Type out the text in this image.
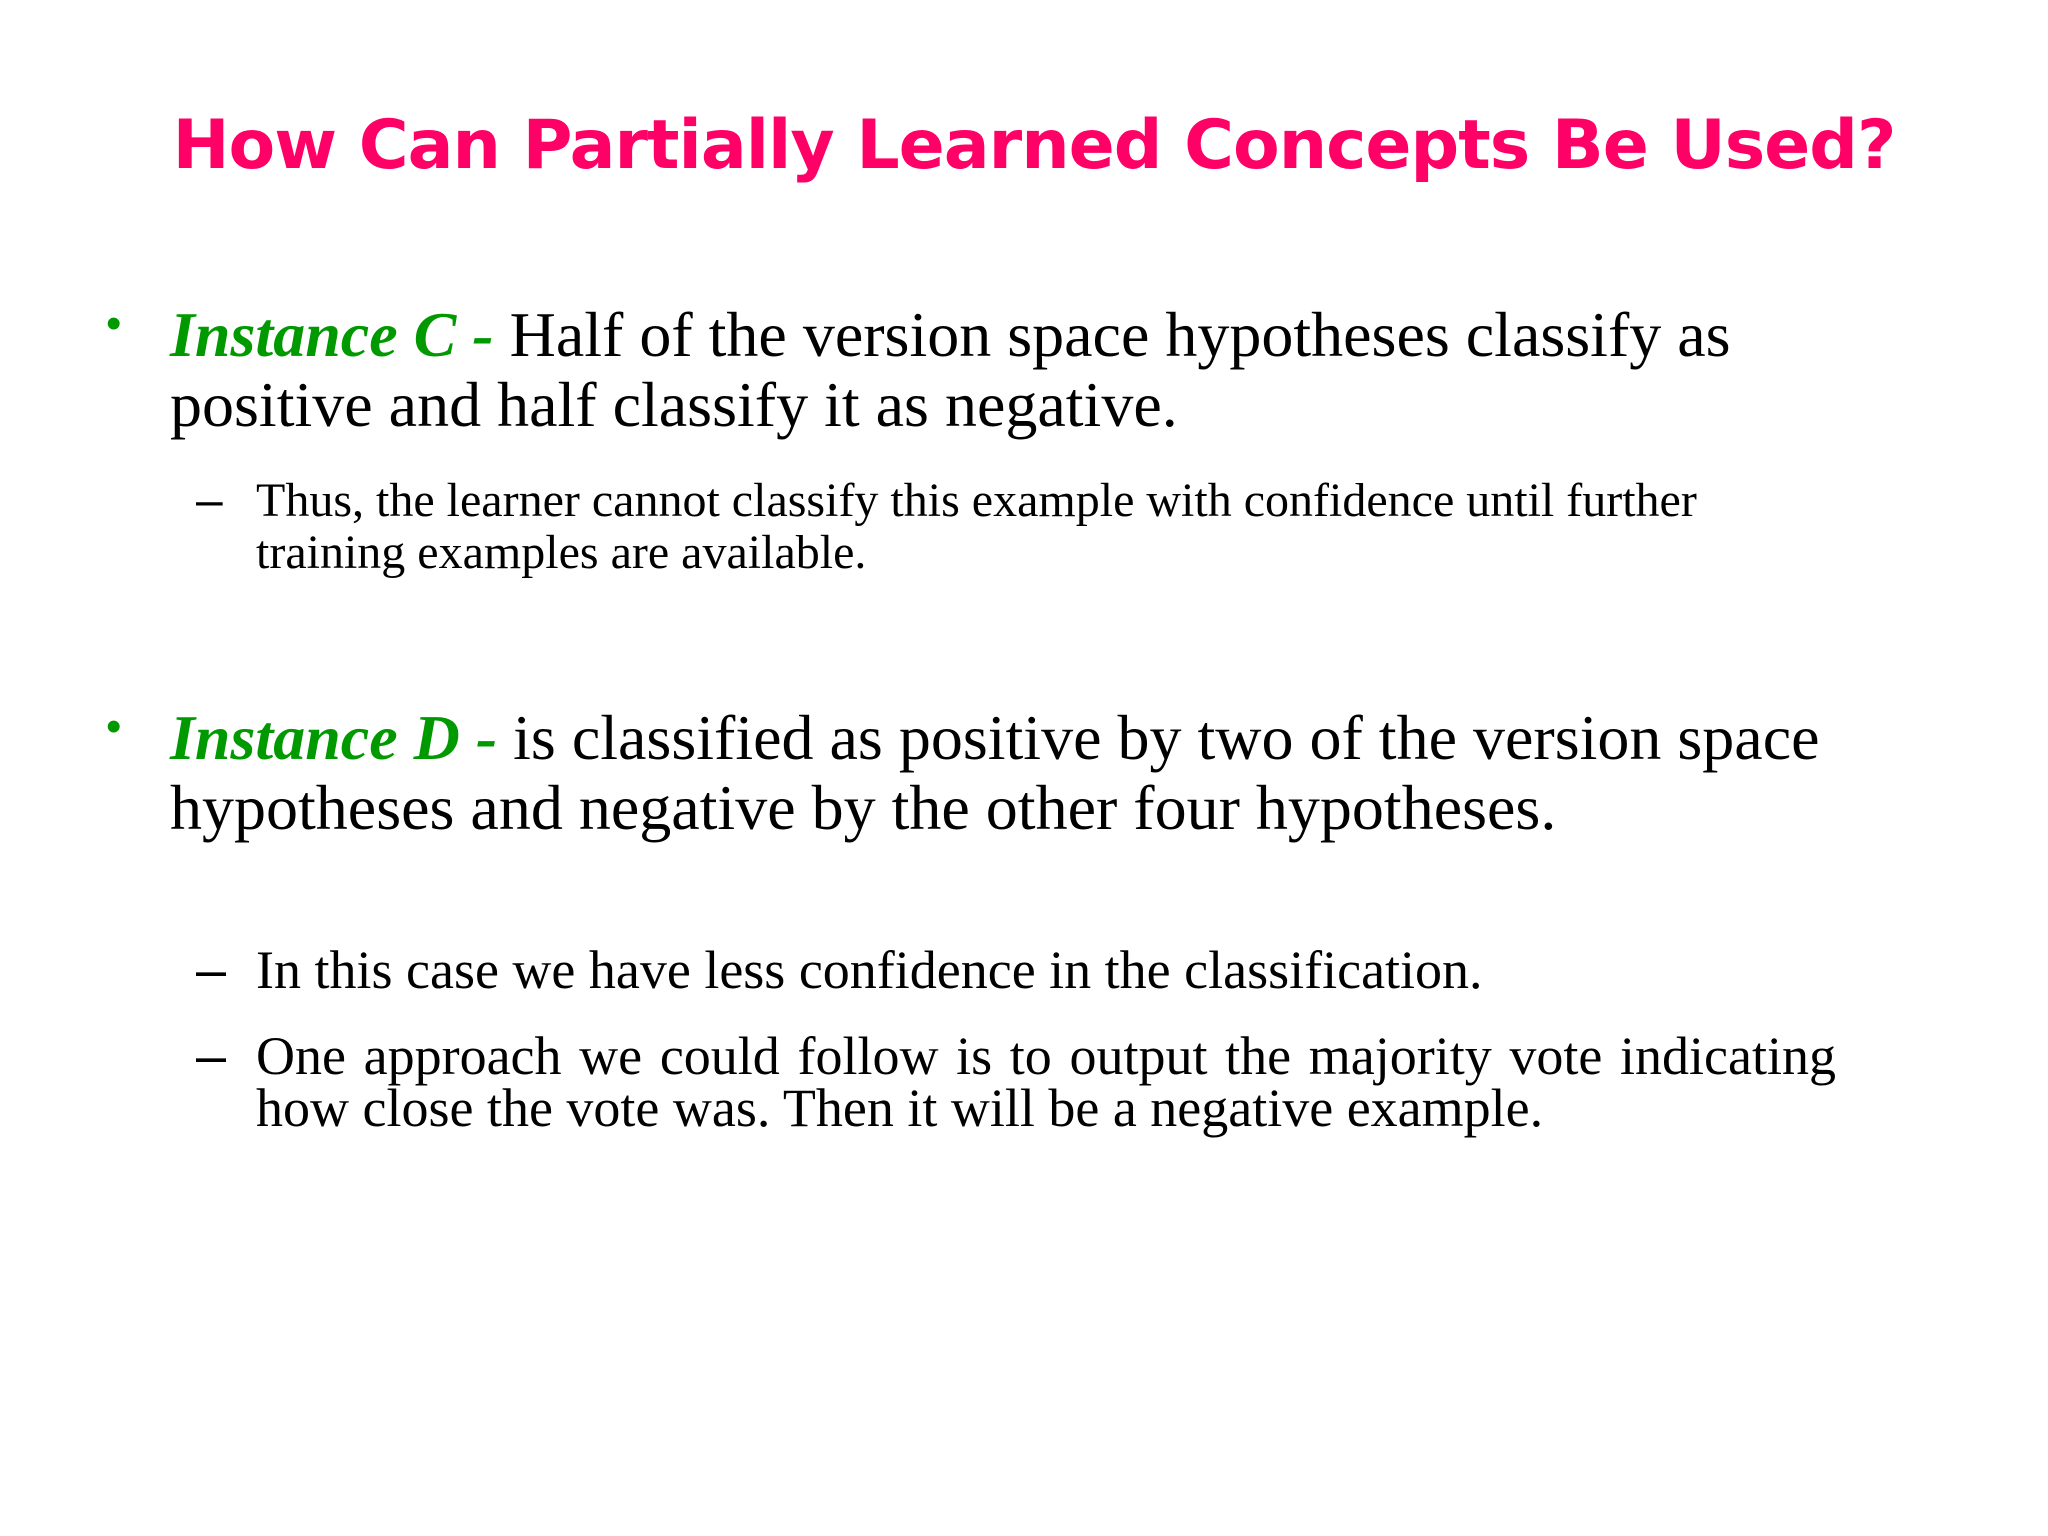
How Can Partially Learned Concepts Be Used?
• Instance C - Half of the version space hypotheses classify as positive and half classify it as negative.
– Thus, the learner cannot classify this example with confidence until further training examples are available.
• Instance D - is classified as positive by two of the version space hypotheses and negative by the other four hypotheses.
– In this case we have less confidence in the classification.
– One approach we could follow is to output the majority vote indicating how close the vote was. Then it will be a negative example.
